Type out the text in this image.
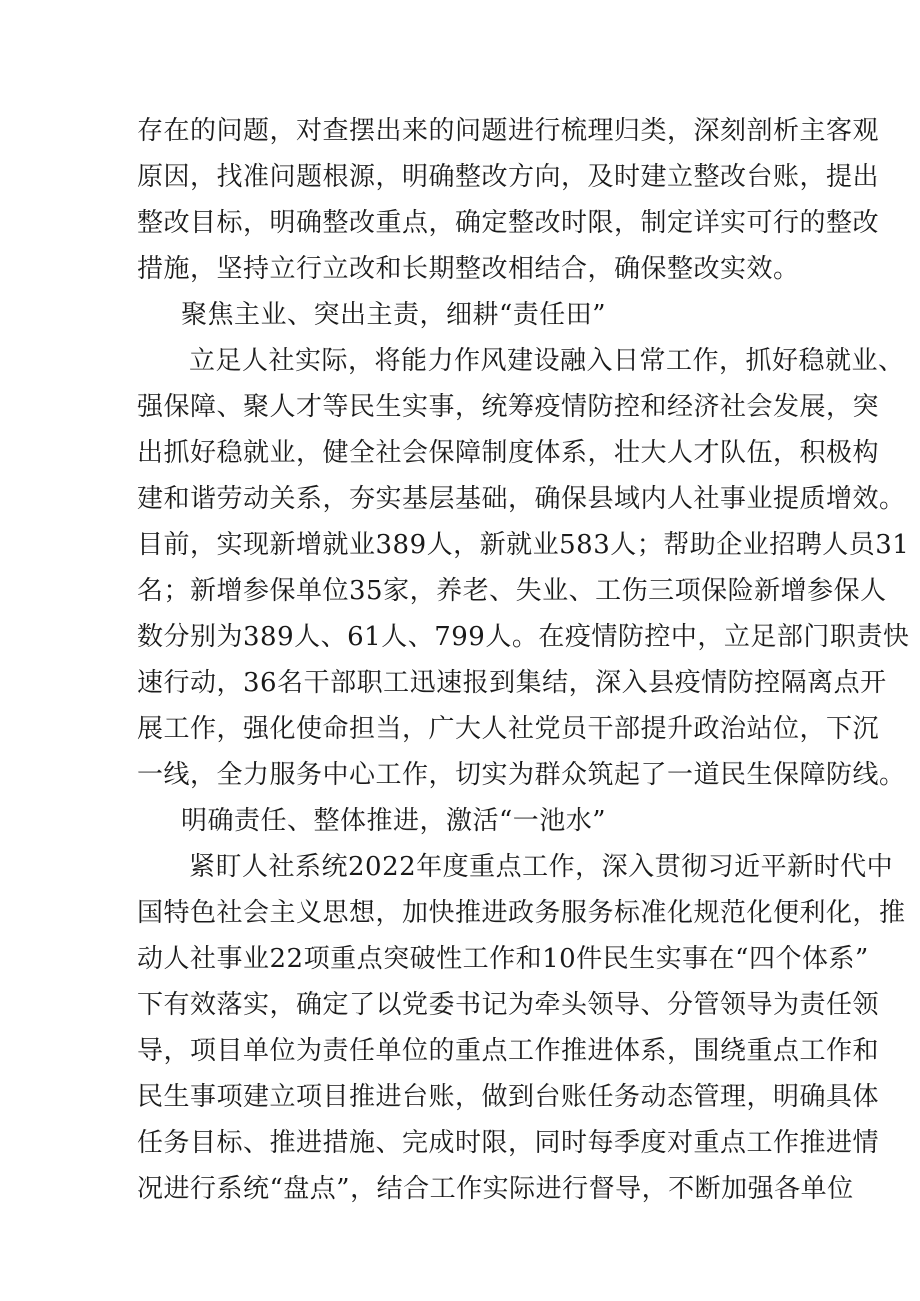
存在的问题，对查摆出来的问题进行梳理归类，深刻剖析主客观
原因，找准问题根源，明确整改方向，及时建立整改台账，提出
整改目标，明确整改重点，确定整改时限，制定详实可行的整改
措施，坚持立行立改和长期整改相结合，确保整改实效。
聚焦主业、突出主责，细耕“责任田”
立足人社实际，将能力作风建设融入日常工作，抓好稳就业、
强保障、聚人才等民生实事，统筹疫情防控和经济社会发展，突
出抓好稳就业，健全社会保障制度体系，壮大人才队伍，积极构
建和谐劳动关系，夯实基层基础，确保县域内人社事业提质增效。
目前，实现新增就业389人，新就业583人；帮助企业招聘人员31
名；新增参保单位35家，养老、失业、工伤三项保险新增参保人
数分别为389人、61人、799人。在疫情防控中，立足部门职责快
速行动，36名干部职工迅速报到集结，深入县疫情防控隔离点开
展工作，强化使命担当，广大人社党员干部提升政治站位，下沉
一线，全力服务中心工作，切实为群众筑起了一道民生保障防线。
明确责任、整体推进，激活“一池水”
紧盯人社系统2022年度重点工作，深入贯彻习近平新时代中
国特色社会主义思想，加快推进政务服务标准化规范化便利化，推
动人社事业22项重点突破性工作和10件民生实事在“四个体系”
下有效落实，确定了以党委书记为牵头领导、分管领导为责任领
导，项目单位为责任单位的重点工作推进体系，围绕重点工作和
民生事项建立项目推进台账，做到台账任务动态管理，明确具体
任务目标、推进措施、完成时限，同时每季度对重点工作推进情
况进行系统“盘点”，结合工作实际进行督导，不断加强各单位
